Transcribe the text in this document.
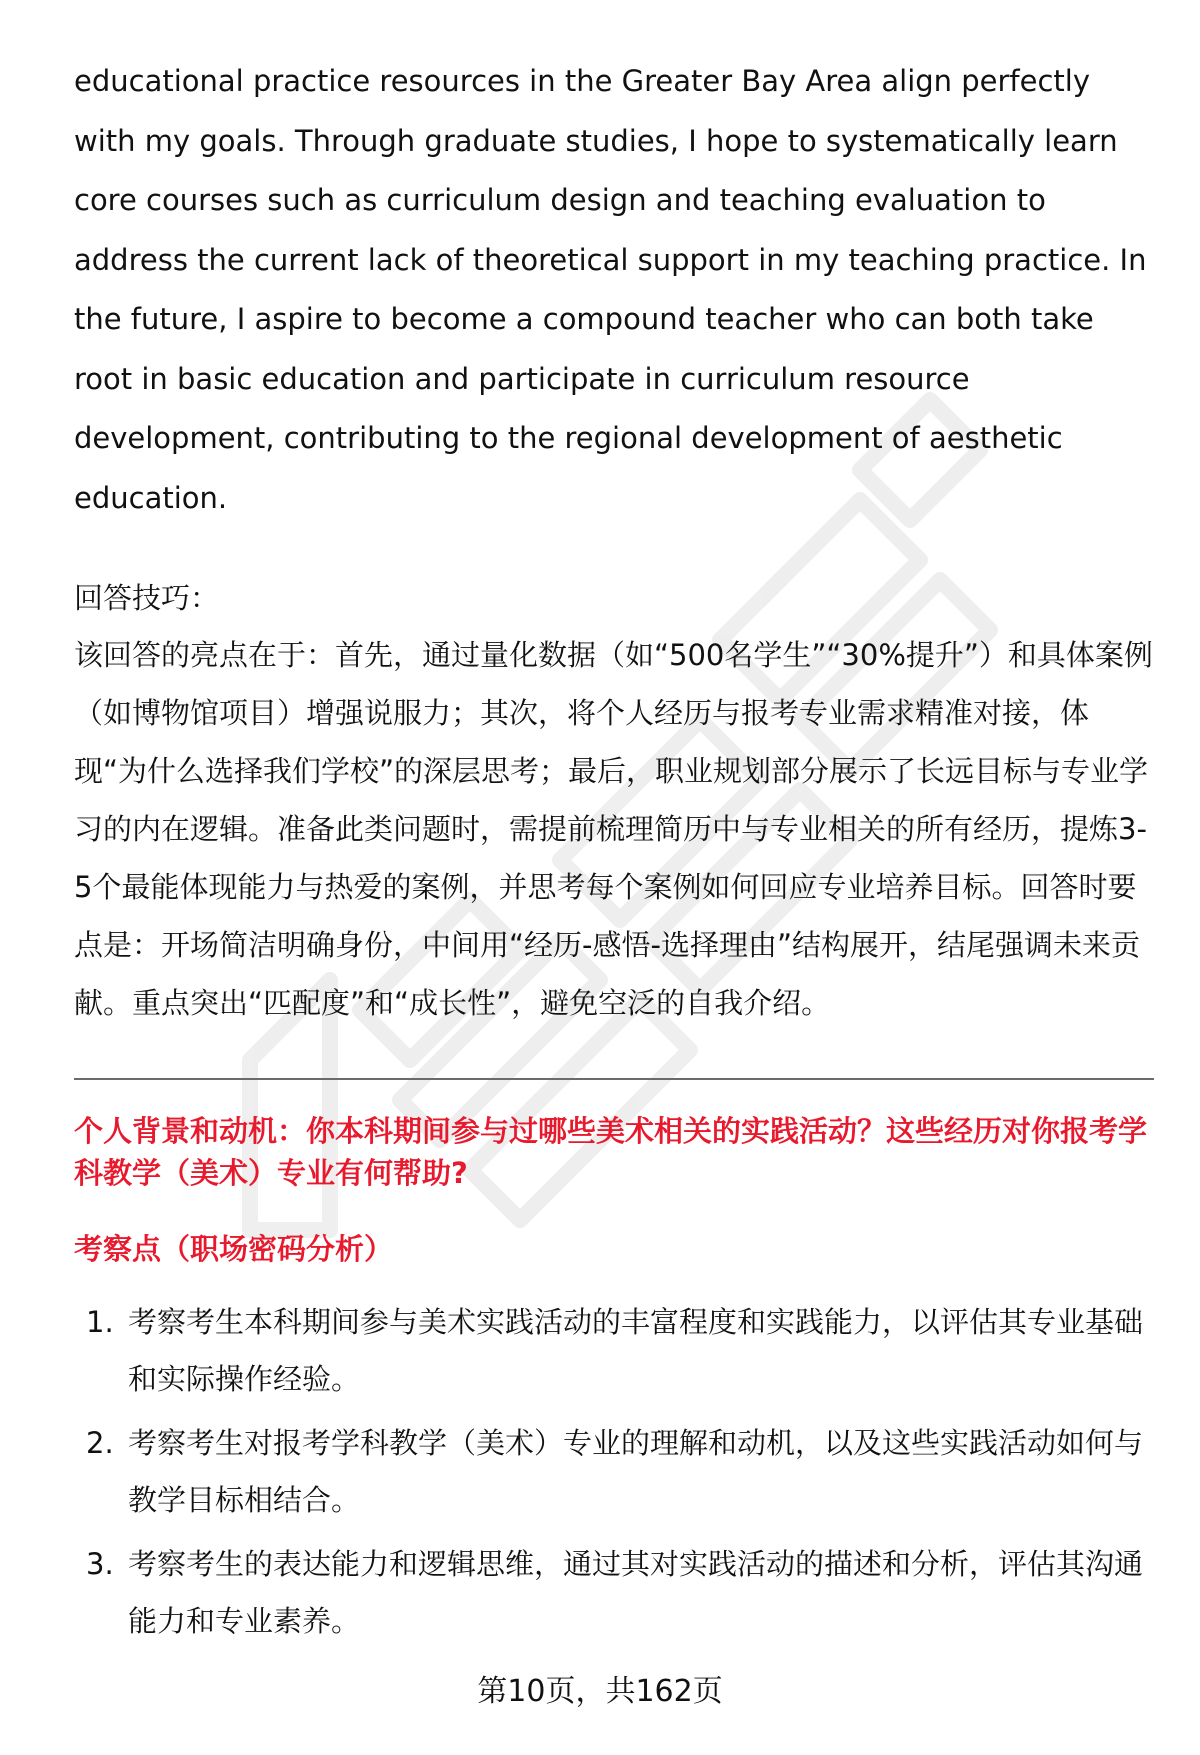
educational practice resources in the Greater Bay Area align perfectly with my goals. Through graduate studies, I hope to systematically learn core courses such as curriculum design and teaching evaluation to address the current lack of theoretical support in my teaching practice. In the future, I aspire to become a compound teacher who can both take root in basic education and participate in curriculum resource development, contributing to the regional development of aesthetic education.

回答技巧：

该回答的亮点在于：首先，通过量化数据（如“500名学生”“30%提升”）和具体案例（如博物馆项目）增强说服力；其次，将个人经历与报考专业需求精准对接，体现“为什么选择我们学校”的深层思考；最后，职业规划部分展示了长远目标与专业学习的内在逻辑。准备此类问题时，需提前梳理简历中与专业相关的所有经历，提炼3-5个最能体现能力与热爱的案例，并思考每个案例如何回应专业培养目标。回答时要点是：开场简洁明确身份，中间用“经历-感悟-选择理由”结构展开，结尾强调未来贡献。重点突出“匹配度”和“成长性”，避免空泛的自我介绍。

个人背景和动机：你本科期间参与过哪些美术相关的实践活动？这些经历对你报考学科教学（美术）专业有何帮助?

考察点（职场密码分析）

1. 考察考生本科期间参与美术实践活动的丰富程度和实践能力，以评估其专业基础和实际操作经验。
2. 考察考生对报考学科教学（美术）专业的理解和动机，以及这些实践活动如何与教学目标相结合。
3. 考察考生的表达能力和逻辑思维，通过其对实践活动的描述和分析，评估其沟通能力和专业素养。
第10页，共162页
